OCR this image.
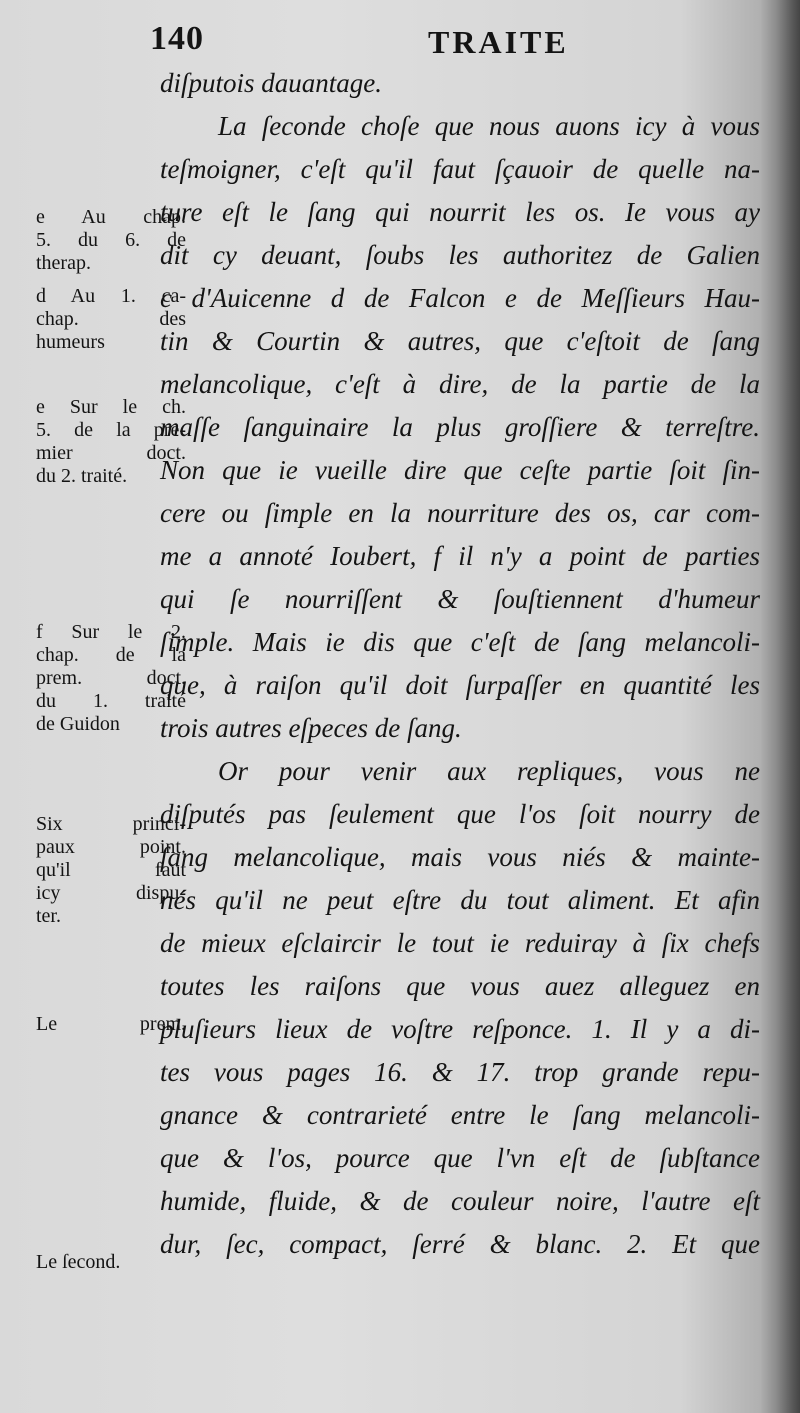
140	TRAITE
diſputois dauantage.
La ſeconde choſe que nous auons icy à vous
teſmoigner, c'eſt qu'il faut ſçauoir de quelle na-
ture eſt le ſang qui nourrit les os. Ie vous ay
dit cy deuant, ſoubs les authoritez de Galien
c d'Auicenne d de Falcon e de Meſſieurs Hau-
tin & Courtin & autres, que c'eſtoit de ſang
melancolique, c'eſt à dire, de la partie de la
maſſe ſanguinaire la plus groſſiere & terreſtre.
Non que ie vueille dire que ceſte partie ſoit ſin-
cere ou ſimple en la nourriture des os, car com-
me a annoté Ioubert, f il n'y a point de parties
qui ſe nourriſſent & ſouſtiennent d'humeur
ſimple. Mais ie dis que c'eſt de ſang melancoli-
que, à raiſon qu'il doit ſurpaſſer en quantité les
trois autres eſpeces de ſang.
Or pour venir aux repliques, vous ne
diſputés pas ſeulement que l'os ſoit nourry de
ſang melancolique, mais vous niés & mainte-
nés qu'il ne peut eſtre du tout aliment. Et afin
de mieux eſclaircir le tout ie reduiray à ſix chefs
toutes les raiſons que vous auez alleguez en
pluſieurs lieux de voſtre reſponce. 1. Il y a di-
tes vous pages 16. & 17. trop grande repu-
gnance & contrarieté entre le ſang melancoli-
que & l'os, pource que l'vn eſt de ſubſtance
humide, fluide, & de couleur noire, l'autre eſt
dur, ſec, compact, ſerré & blanc. 2. Et que
e Au chap.
5. du 6. de
therap.
d Au 1. ca-
chap. des
humeurs
e Sur le ch.
5. de la pre-
mier doct.
du 2. traité.
f Sur le 2.
chap. de la
prem. doct.
du 1. traité
de Guidon
Six princi-
paux point.
qu'il faut
icy dispu-
ter.
Le prem.
Le ſecond.
